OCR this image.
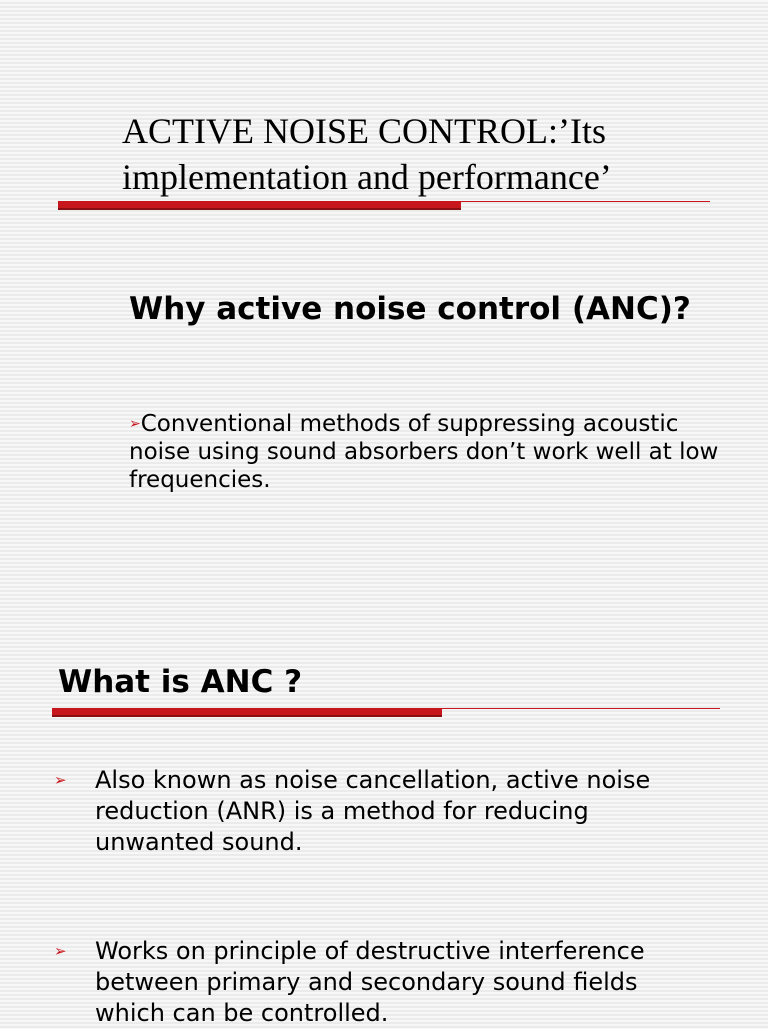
ACTIVE NOISE CONTROL:’Its implementation and performance’
Why active noise control (ANC)?

➢Conventional methods of suppressing acoustic noise using sound absorbers don’t work well at low frequencies.

What is ANC ?
➢ Also known as noise cancellation, active noise reduction (ANR) is a method for reducing unwanted sound.
➢ Works on principle of destructive interference between primary and secondary sound fields which can be controlled.
